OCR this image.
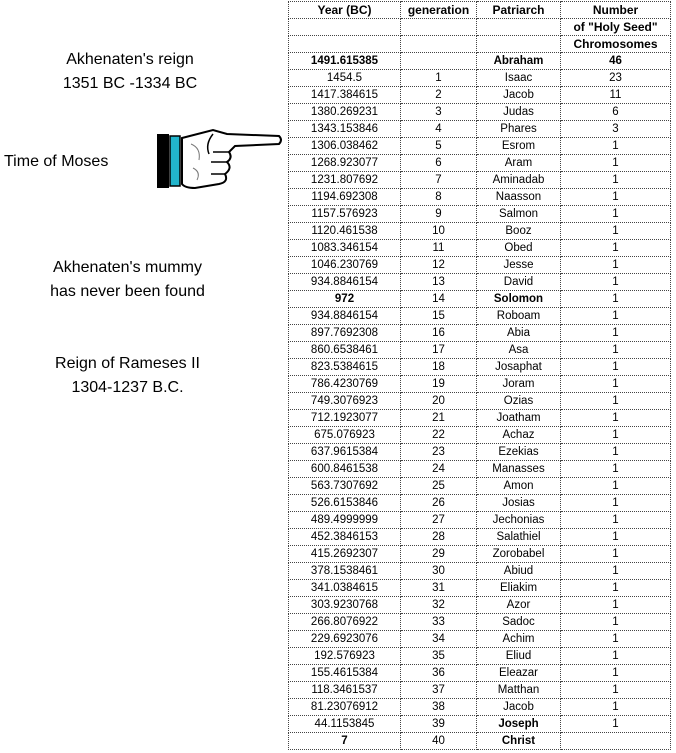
Akhenaten's reign
1351 BC -1334 BC
Time of Moses
Akhenaten's mummy
has never been found
Reign of Rameses II
1304-1237 B.C.
Year (BC)	generation	Patriarch	Number
			of "Holy Seed"
			Chromosomes
1491.615385		Abraham	46
1454.5	1	Isaac	23
1417.384615	2	Jacob	11
1380.269231	3	Judas	6
1343.153846	4	Phares	3
1306.038462	5	Esrom	1
1268.923077	6	Aram	1
1231.807692	7	Aminadab	1
1194.692308	8	Naasson	1
1157.576923	9	Salmon	1
1120.461538	10	Booz	1
1083.346154	11	Obed	1
1046.230769	12	Jesse	1
934.8846154	13	David	1
972	14	Solomon	1
934.8846154	15	Roboam	1
897.7692308	16	Abia	1
860.6538461	17	Asa	1
823.5384615	18	Josaphat	1
786.4230769	19	Joram	1
749.3076923	20	Ozias	1
712.1923077	21	Joatham	1
675.076923	22	Achaz	1
637.9615384	23	Ezekias	1
600.8461538	24	Manasses	1
563.7307692	25	Amon	1
526.6153846	26	Josias	1
489.4999999	27	Jechonias	1
452.3846153	28	Salathiel	1
415.2692307	29	Zorobabel	1
378.1538461	30	Abiud	1
341.0384615	31	Eliakim	1
303.9230768	32	Azor	1
266.8076922	33	Sadoc	1
229.6923076	34	Achim	1
192.576923	35	Eliud	1
155.4615384	36	Eleazar	1
118.3461537	37	Matthan	1
81.23076912	38	Jacob	1
44.1153845	39	Joseph	1
7	40	Christ	
